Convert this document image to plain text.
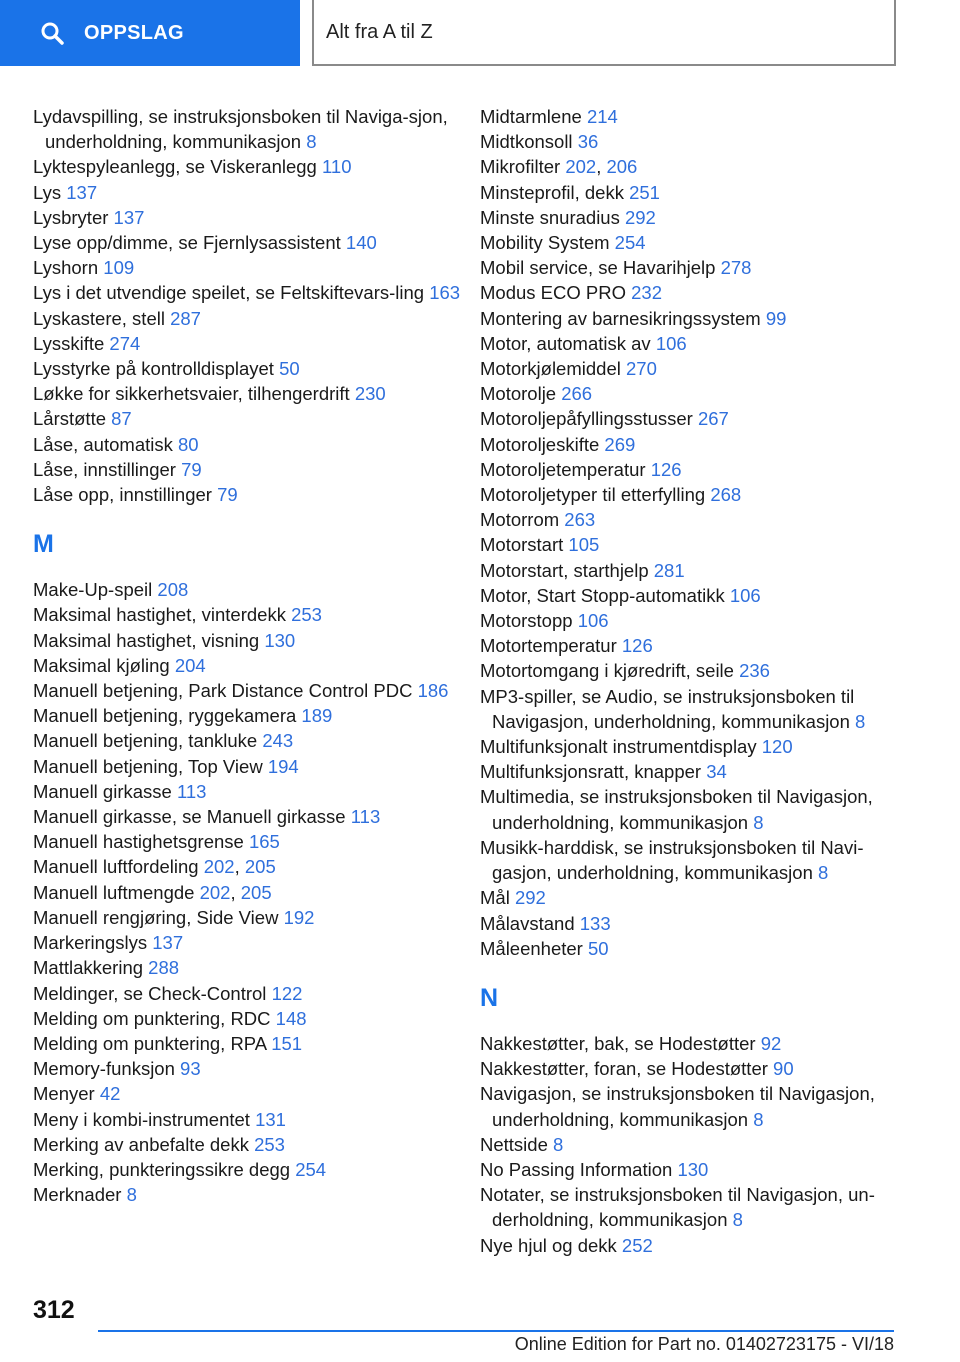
OPPSLAG	Alt fra A til Z

Lydavspilling, se instruksjonsboken til Naviga-sjon, underholdning, kommunikasjon 8

Lyktespyleanlegg, se Viskeranlegg 110

Lys 137

Lysbryter 137

Lyse opp/dimme, se Fjernlysassistent 140

Lyshorn 109

Lys i det utvendige speilet, se Feltskiftevars-ling 163

Lyskastere, stell 287

Lysskifte 274

Lysstyrke på kontrolldisplayet 50

Løkke for sikkerhetsvaier, tilhengerdrift 230

Lårstøtte 87

Låse, automatisk 80

Låse, innstillinger 79

Låse opp, innstillinger 79

M

Make-Up-speil 208

Maksimal hastighet, vinterdekk 253

Maksimal hastighet, visning 130

Maksimal kjøling 204

Manuell betjening, Park Distance Control PDC 186

Manuell betjening, ryggekamera 189

Manuell betjening, tankluke 243

Manuell betjening, Top View 194

Manuell girkasse 113

Manuell girkasse, se Manuell girkasse 113

Manuell hastighetsgrense 165

Manuell luftfordeling 202, 205

Manuell luftmengde 202, 205

Manuell rengjøring, Side View 192

Markeringslys 137

Mattlakkering 288

Meldinger, se Check-Control 122

Melding om punktering, RDC 148

Melding om punktering, RPA 151

Memory-funksjon 93

Menyer 42

Meny i kombi-instrumentet 131

Merking av anbefalte dekk 253

Merking, punkteringssikre degg 254

Merknader 8

Midtarmlene 214

Midtkonsoll 36

Mikrofilter 202, 206

Minsteprofil, dekk 251

Minste snuradius 292

Mobility System 254

Mobil service, se Havarihjelp 278

Modus ECO PRO 232

Montering av barnesikringssystem 99

Motor, automatisk av 106

Motorkjølemiddel 270

Motorolje 266

Motoroljepåfyllingsstusser 267

Motoroljeskifte 269

Motoroljetemperatur 126

Motoroljetyper til etterfylling 268

Motorrom 263

Motorstart 105

Motorstart, starthjelp 281

Motor, Start Stopp-automatikk 106

Motorstopp 106

Motortemperatur 126

Motortomgang i kjøredrift, seile 236

MP3-spiller, se Audio, se instruksjonsboken til Navigasjon, underholdning, kommunikasjon 8

Multifunksjonalt instrumentdisplay 120

Multifunksjonsratt, knapper 34

Multimedia, se instruksjonsboken til Navigasjon, underholdning, kommunikasjon 8

Musikk-harddisk, se instruksjonsboken til Navi-gasjon, underholdning, kommunikasjon 8

Mål 292

Målavstand 133

Måleenheter 50

N

Nakkestøtter, bak, se Hodestøtter 92

Nakkestøtter, foran, se Hodestøtter 90

Navigasjon, se instruksjonsboken til Navigasjon, underholdning, kommunikasjon 8

Nettside 8

No Passing Information 130

Notater, se instruksjonsboken til Navigasjon, un-derholdning, kommunikasjon 8

Nye hjul og dekk 252

312
Online Edition for Part no. 01402723175 - VI/18
